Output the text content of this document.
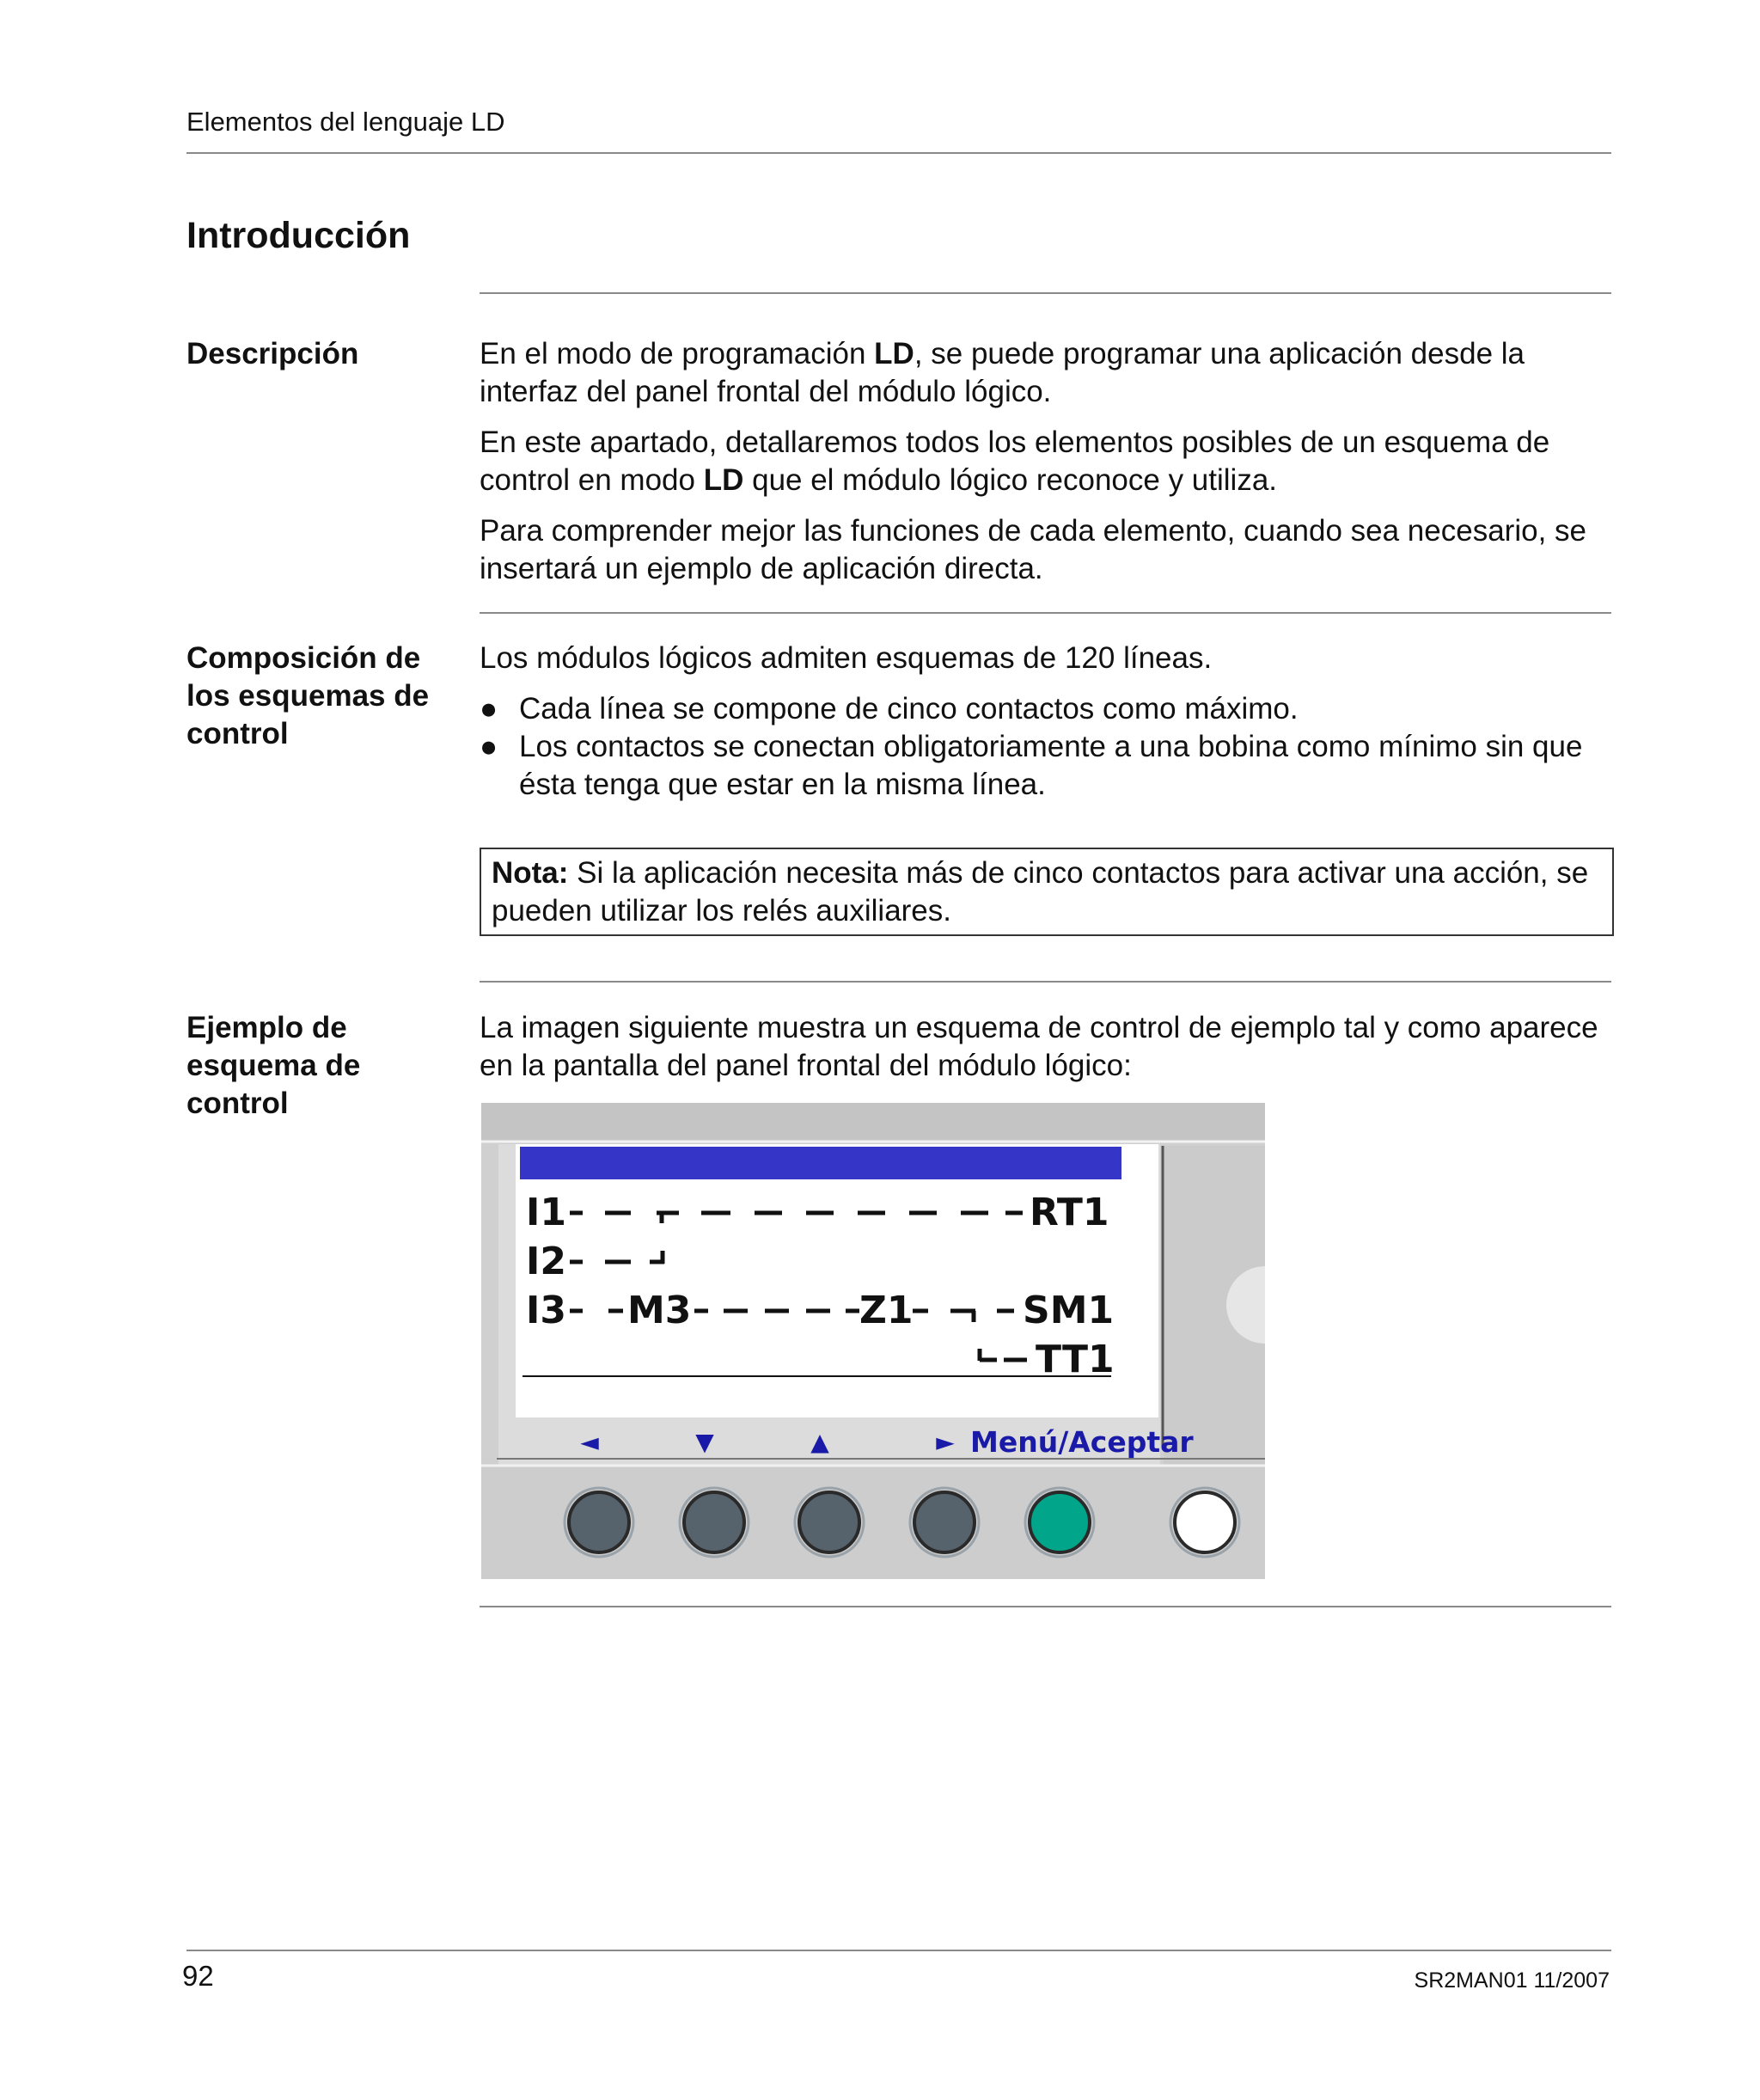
Elementos del lenguaje LD
Introducción
Descripción	En el modo de programación LD, se puede programar una aplicación desde la interfaz del panel frontal del módulo lógico.

En este apartado, detallaremos todos los elementos posibles de un esquema de control en modo LD que el módulo lógico reconoce y utiliza.

Para comprender mejor las funciones de cada elemento, cuando sea necesario, se insertará un ejemplo de aplicación directa.

Composición de los esquemas de control

Los módulos lógicos admiten esquemas de 120 líneas.

● Cada línea se compone de cinco contactos como máximo.
● Los contactos se conectan obligatoriamente a una bobina como mínimo sin que ésta tenga que estar en la misma línea.
Nota: Si la aplicación necesita más de cinco contactos para activar una acción, se pueden utilizar los relés auxiliares.
Ejemplo de esquema de control
La imagen siguiente muestra un esquema de control de ejemplo tal y como aparece en la pantalla del panel frontal del módulo lógico:
I1	RT1
I2
I3 M3	Z1	SM1
TT1
◄	▼	▲	► Menú/Aceptar
92	SR2MAN01 11/2007
